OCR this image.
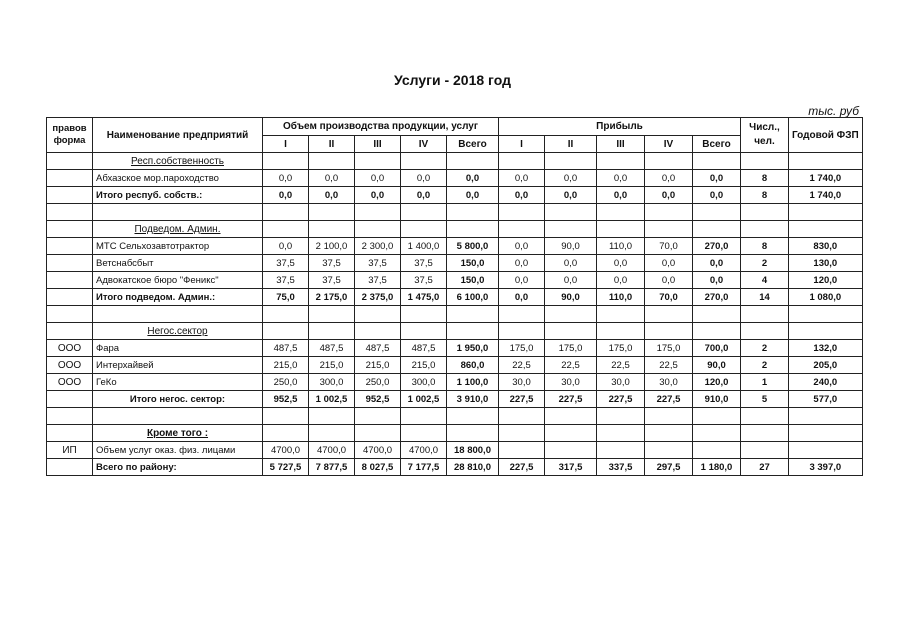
Услуги - 2018 год
тыс. руб
правов форма	Наименование предприятий	Объем производства продукции, услуг					Прибыль					Числ., чел.	Годовой ФЗП
		I	II	III	IV	Всего	I	II	III	IV	Всего		
	Респ.собственность												
	Абхазское мор.пароходство	0,0	0,0	0,0	0,0	0,0	0,0	0,0	0,0	0,0	0,0	8	1 740,0
	Итого респуб. собств.:	0,0	0,0	0,0	0,0	0,0	0,0	0,0	0,0	0,0	0,0	8	1 740,0

	Подведом. Админ.												
	МТС Сельхозавтотрактор	0,0	2 100,0	2 300,0	1 400,0	5 800,0	0,0	90,0	110,0	70,0	270,0	8	830,0
	Ветснабсбыт	37,5	37,5	37,5	37,5	150,0	0,0	0,0	0,0	0,0	0,0	2	130,0
	Адвокатское бюро "Феникс"	37,5	37,5	37,5	37,5	150,0	0,0	0,0	0,0	0,0	0,0	4	120,0
	Итого подведом. Админ.:	75,0	2 175,0	2 375,0	1 475,0	6 100,0	0,0	90,0	110,0	70,0	270,0	14	1 080,0

	Негос.сектор												
ООО	Фара	487,5	487,5	487,5	487,5	1 950,0	175,0	175,0	175,0	175,0	700,0	2	132,0
ООО	Интерхайвей	215,0	215,0	215,0	215,0	860,0	22,5	22,5	22,5	22,5	90,0	2	205,0
ООО	ГеКо	250,0	300,0	250,0	300,0	1 100,0	30,0	30,0	30,0	30,0	120,0	1	240,0
	Итого негос. сектор:	952,5	1 002,5	952,5	1 002,5	3 910,0	227,5	227,5	227,5	227,5	910,0	5	577,0

	Кроме того :												
ИП	Объем услуг оказ. физ. лицами	4700,0	4700,0	4700,0	4700,0	18 800,0							
	Всего по району:	5 727,5	7 877,5	8 027,5	7 177,5	28 810,0	227,5	317,5	337,5	297,5	1 180,0	27	3 397,0
